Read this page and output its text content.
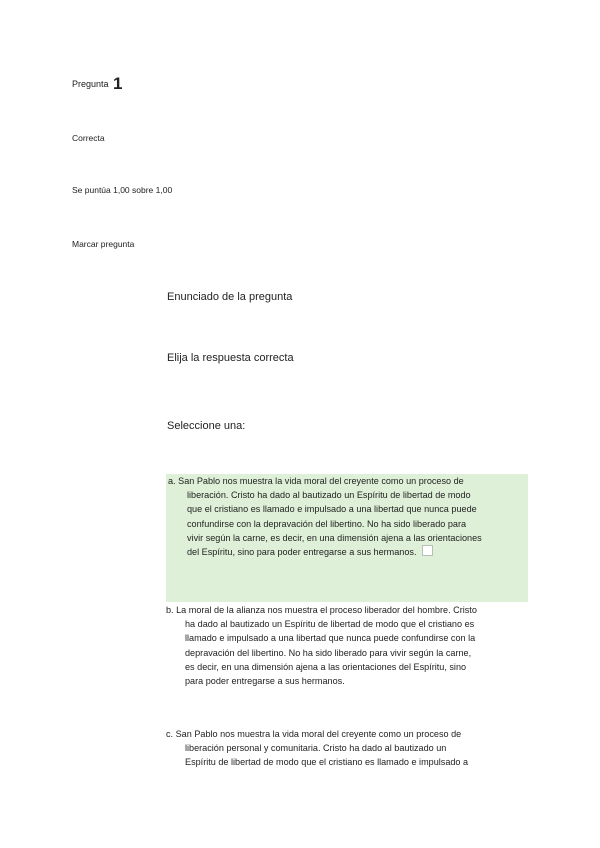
Pregunta 1
Correcta
Se puntúa 1,00 sobre 1,00
Marcar pregunta
Enunciado de la pregunta
Elija la respuesta correcta
Seleccione una:
a. San Pablo nos muestra la vida moral del creyente como un proceso de
liberación. Cristo ha dado al bautizado un Espíritu de libertad de modo
que el cristiano es llamado e impulsado a una libertad que nunca puede
confundirse con la depravación del libertino. No ha sido liberado para
vivir según la carne, es decir, en una dimensión ajena a las orientaciones
del Espíritu, sino para poder entregarse a sus hermanos.
b. La moral de la alianza nos muestra el proceso liberador del hombre. Cristo
ha dado al bautizado un Espíritu de libertad de modo que el cristiano es
llamado e impulsado a una libertad que nunca puede confundirse con la
depravación del libertino. No ha sido liberado para vivir según la carne,
es decir, en una dimensión ajena a las orientaciones del Espíritu, sino
para poder entregarse a sus hermanos.
c. San Pablo nos muestra la vida moral del creyente como un proceso de
liberación personal y comunitaria. Cristo ha dado al bautizado un
Espíritu de libertad de modo que el cristiano es llamado e impulsado a
